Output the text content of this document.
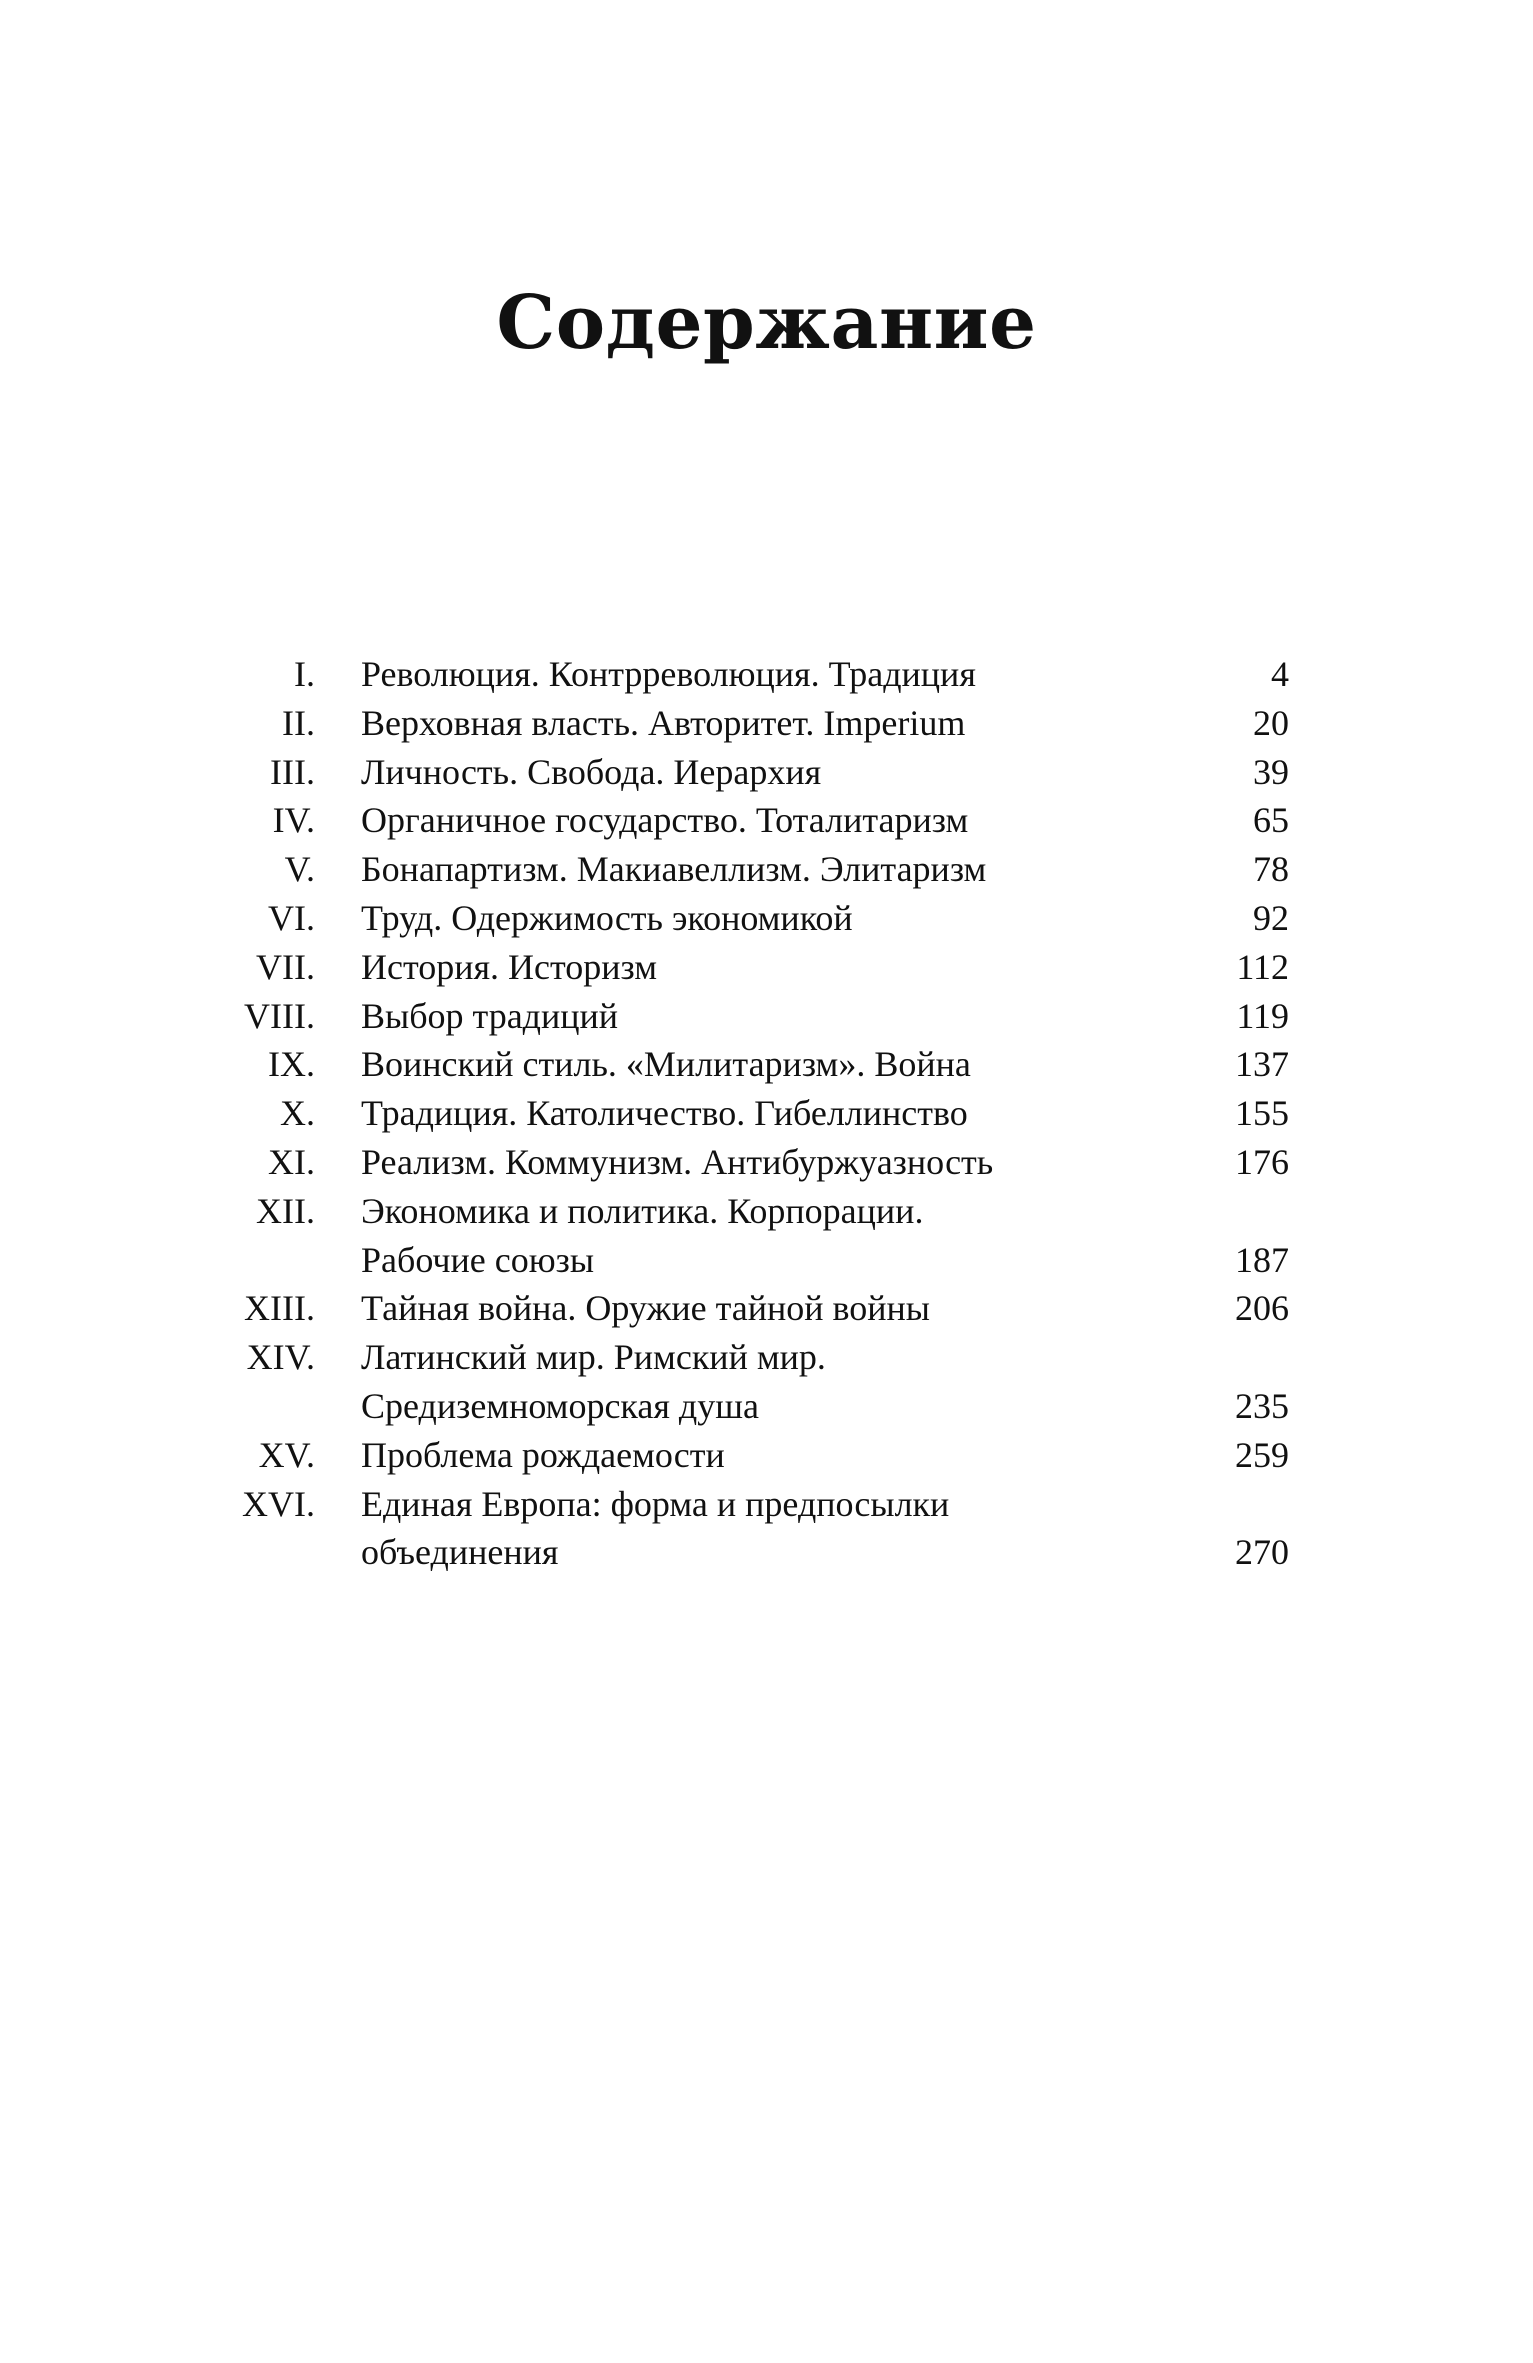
Содержание
I. Революция. Контрреволюция. Традиция	4
II. Верховная власть. Авторитет. Imperium	20
III. Личность. Свобода. Иерархия	39
IV. Органичное государство. Тоталитаризм	65
V. Бонапартизм. Макиавеллизм. Элитаризм	78
VI. Труд. Одержимость экономикой	92
VII. История. Историзм	112
VIII. Выбор традиций	119
IX. Воинский стиль. «Милитаризм». Война	137
X. Традиция. Католичество. Гибеллинство	155
XI. Реализм. Коммунизм. Антибуржуазность	176
XII. Экономика и политика. Корпорации.
Рабочие союзы	187
XIII. Тайная война. Оружие тайной войны	206
XIV. Латинский мир. Римский мир.
Средиземноморская душа	235
XV. Проблема рождаемости	259
XVI. Единая Европа: форма и предпосылки
объединения	270
